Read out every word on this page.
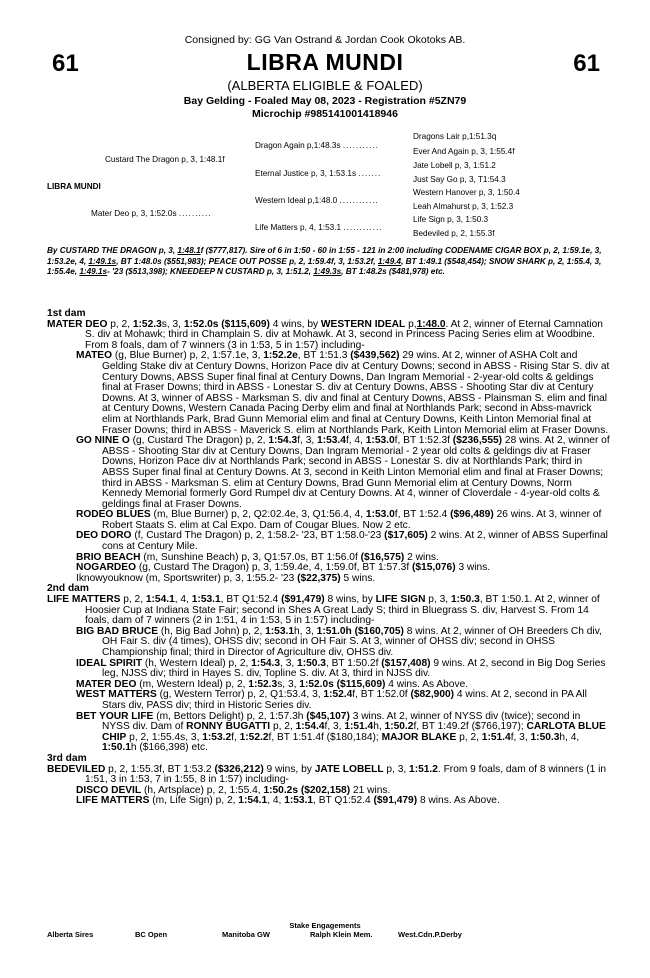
Consigned by: GG Van Ostrand & Jordan Cook Okotoks AB.
61	61
LIBRA MUNDI
(ALBERTA ELIGIBLE & FOALED)
Bay Gelding - Foaled May 08, 2023 - Registration #5ZN79
Microchip #985141001418946
Dragons Lair p,1:51.3q
Dragon Again p,1:48.3s ...........
Ever And Again p, 3, 1:55.4f
Custard The Dragon p, 3, 1:48.1f
Jate Lobell p, 3, 1:51.2
Eternal Justice p, 3, 1:53.1s .......
Just Say Go p, 3, T1:54.3
LIBRA MUNDI
Western Hanover p, 3, 1:50.4
Western Ideal p,1:48.0 ............
Leah Almahurst p, 3, 1:52.3
Mater Deo p, 3, 1:52.0s ..........
Life Sign p, 3, 1:50.3
Life Matters p, 4, 1:53.1 ............
Bedeviled p, 2, 1:55.3f
By CUSTARD THE DRAGON p, 3, 1:48.1f ($777,817). Sire of 6 in 1:50 - 60 in 1:55 - 121 in 2:00 including CODENAME CIGAR BOX p, 2, 1:59.1e, 3, 1:53.2e, 4, 1:49.1s, BT 1:48.0s ($551,983); PEACE OUT POSSE p, 2, 1:59.4f, 3, 1:53.2f, 1:49.4, BT 1:49.1 ($548,454); SNOW SHARK p, 2, 1:55.4, 3, 1:55.4e, 1:49.1s- '23 ($513,398); KNEEDEEP N CUSTARD p, 3, 1:51.2, 1:49.3s, BT 1:48.2s ($481,978) etc.
1st dam
MATER DEO p, 2, 1:52.3s, 3, 1:52.0s ($115,609) 4 wins, by WESTERN IDEAL p,1:48.0. At 2, winner of Eternal Camnation S. div at Mohawk; third in Champlain S. div at Mohawk. At 3, second in Princess Pacing Series elim at Woodbine. From 8 foals, dam of 7 winners (3 in 1:53, 5 in 1:57) including-
MATEO (g, Blue Burner) p, 2, 1:57.1e, 3, 1:52.2e, BT 1:51.3 ($439,562) 29 wins. At 2, winner of ASHA Colt and Gelding Stake div at Century Downs, Horizon Pace div at Century Downs; second in ABSS - Rising Star S. div at Century Downs, ABSS Super final final at Century Downs, Dan Ingram Memorial - 2-year-old colts & geldings final at Fraser Downs; third in ABSS - Lonestar S. div at Century Downs, ABSS - Shooting Star div at Century Downs. At 3, winner of ABSS - Marksman S. div and final at Century Downs, ABSS - Plainsman S. elim and final at Century Downs, Western Canada Pacing Derby elim and final at Northlands Park; second in Abss-mavrick elim at Northlands Park, Brad Gunn Memorial elim and final at Century Downs, Keith Linton Memorial final at Fraser Downs; third in ABSS - Maverick S. elim at Northlands Park, Keith Linton Memorial elim at Fraser Downs.
GO NINE O (g, Custard The Dragon) p, 2, 1:54.3f, 3, 1:53.4f, 4, 1:53.0f, BT 1:52.3f ($236,555) 28 wins. At 2, winner of ABSS - Shooting Star div at Century Downs, Dan Ingram Memorial - 2 year old colts & geldings div at Fraser Downs, Horizon Pace div at Northlands Park; second in ABSS - Lonestar S. div at Northlands Park; third in ABSS Super final final at Century Downs. At 3, second in Keith Linton Memorial elim and final at Fraser Downs; third in ABSS - Marksman S. elim at Century Downs, Brad Gunn Memorial elim at Century Downs, Norm Kennedy Memorial formerly Gord Rumpel div at Century Downs. At 4, winner of Cloverdale - 4-year-old colts & geldings final at Fraser Downs.
RODEO BLUES (m, Blue Burner) p, 2, Q2:02.4e, 3, Q1:56.4, 4, 1:53.0f, BT 1:52.4 ($96,489) 26 wins. At 3, winner of Robert Staats S. elim at Cal Expo. Dam of Cougar Blues. Now 2 etc.
DEO DORO (f, Custard The Dragon) p, 2, 1:58.2- '23, BT 1:58.0-'23 ($17,605) 2 wins. At 2, winner of ABSS Superfinal cons at Century Mile.
BRIO BEACH (m, Sunshine Beach) p, 3, Q1:57.0s, BT 1:56.0f ($16,575) 2 wins.
NOGARDEO (g, Custard The Dragon) p, 3, 1:59.4e, 4, 1:59.0f, BT 1:57.3f ($15,076) 3 wins.
Iknowyouknow (m, Sportswriter) p, 3, 1:55.2- '23 ($22,375) 5 wins.
2nd dam
LIFE MATTERS p, 2, 1:54.1, 4, 1:53.1, BT Q1:52.4 ($91,479) 8 wins, by LIFE SIGN p, 3, 1:50.3, BT 1:50.1. At 2, winner of Hoosier Cup at Indiana State Fair; second in Shes A Great Lady S; third in Bluegrass S. div, Harvest S. From 14 foals, dam of 7 winners (2 in 1:51, 4 in 1:53, 5 in 1:57) including-
BIG BAD BRUCE (h, Big Bad John) p, 2, 1:53.1h, 3, 1:51.0h ($160,705) 8 wins. At 2, winner of OH Breeders Ch div, OH Fair S. div (4 times), OHSS div; second in OH Fair S. At 3, winner of OHSS div; second in OHSS Championship final; third in Director of Agriculture div, OHSS div.
IDEAL SPIRIT (h, Western Ideal) p, 2, 1:54.3, 3, 1:50.3, BT 1:50.2f ($157,408) 9 wins. At 2, second in Big Dog Series leg, NJSS div; third in Hayes S. div, Topline S. div. At 3, third in NJSS div.
MATER DEO (m, Western Ideal) p, 2, 1:52.3s, 3, 1:52.0s ($115,609) 4 wins. As Above.
WEST MATTERS (g, Western Terror) p, 2, Q1:53.4, 3, 1:52.4f, BT 1:52.0f ($82,900) 4 wins. At 2, second in PA All Stars div, PASS div; third in Historic Series div.
BET YOUR LIFE (m, Bettors Delight) p, 2, 1:57.3h ($45,107) 3 wins. At 2, winner of NYSS div (twice); second in NYSS div. Dam of RONNY BUGATTI p, 2, 1:54.4f, 3, 1:51.4h, 1:50.2f, BT 1:49.2f ($766,197); CARLOTA BLUE CHIP p, 2, 1:55.4s, 3, 1:53.2f, 1:52.2f, BT 1:51.4f ($180,184); MAJOR BLAKE p, 2, 1:51.4f, 3, 1:50.3h, 4, 1:50.1h ($166,398) etc.
3rd dam
BEDEVILED p, 2, 1:55.3f, BT 1:53.2 ($326,212) 9 wins, by JATE LOBELL p, 3, 1:51.2. From 9 foals, dam of 8 winners (1 in 1:51, 3 in 1:53, 7 in 1:55, 8 in 1:57) including-
DISCO DEVIL (h, Artsplace) p, 2, 1:55.4, 1:50.2s ($202,158) 21 wins.
LIFE MATTERS (m, Life Sign) p, 2, 1:54.1, 4, 1:53.1, BT Q1:52.4 ($91,479) 8 wins. As Above.
Stake Engagements
Alberta Sires	BC Open	Manitoba GW	Ralph Klein Mem.	West.Cdn.P.Derby
